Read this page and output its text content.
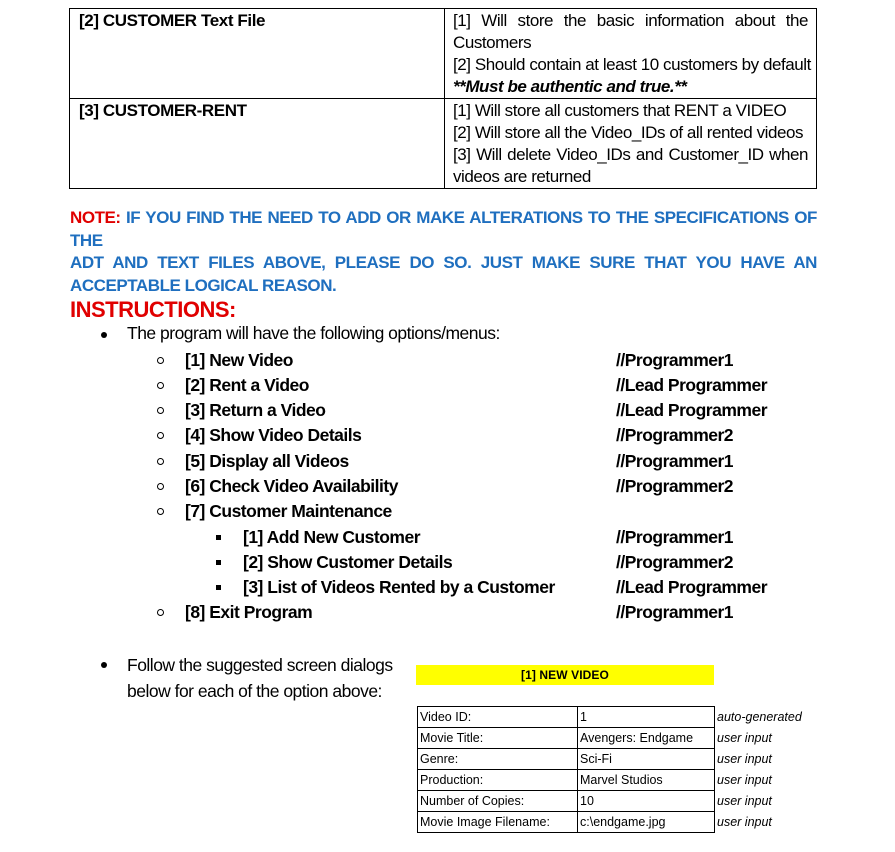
[2] CUSTOMER Text File	[1] Will store the basic information about the
Customers
[2] Should contain at least 10 customers by default
**Must be authentic and true.**

[3] CUSTOMER-RENT	[1] Will store all customers that RENT a VIDEO
[2] Will store all the Video_IDs of all rented videos
[3] Will delete Video_IDs and Customer_ID when
videos are returned
NOTE: IF YOU FIND THE NEED TO ADD OR MAKE ALTERATIONS TO THE SPECIFICATIONS OF THE
ADT AND TEXT FILES ABOVE, PLEASE DO SO. JUST MAKE SURE THAT YOU HAVE AN
ACCEPTABLE LOGICAL REASON.
INSTRUCTIONS:
The program will have the following options/menus:
[1] New Video	//Programmer1
[2] Rent a Video	//Lead Programmer
[3] Return a Video	//Lead Programmer
[4] Show Video Details	//Programmer2
[5] Display all Videos	//Programmer1
[6] Check Video Availability	//Programmer2
[7] Customer Maintenance
[1] Add New Customer	//Programmer1
[2] Show Customer Details	//Programmer2
[3] List of Videos Rented by a Customer	//Lead Programmer
[8] Exit Program	//Programmer1
Follow the suggested screen dialogs
below for each of the option above:
[1] NEW VIDEO
Video ID:	1	auto-generated
Movie Title:	Avengers: Endgame	user input
Genre:	Sci-Fi	user input
Production:	Marvel Studios	user input
Number of Copies:	10	user input
Movie Image Filename:	c:\endgame.jpg	user input
